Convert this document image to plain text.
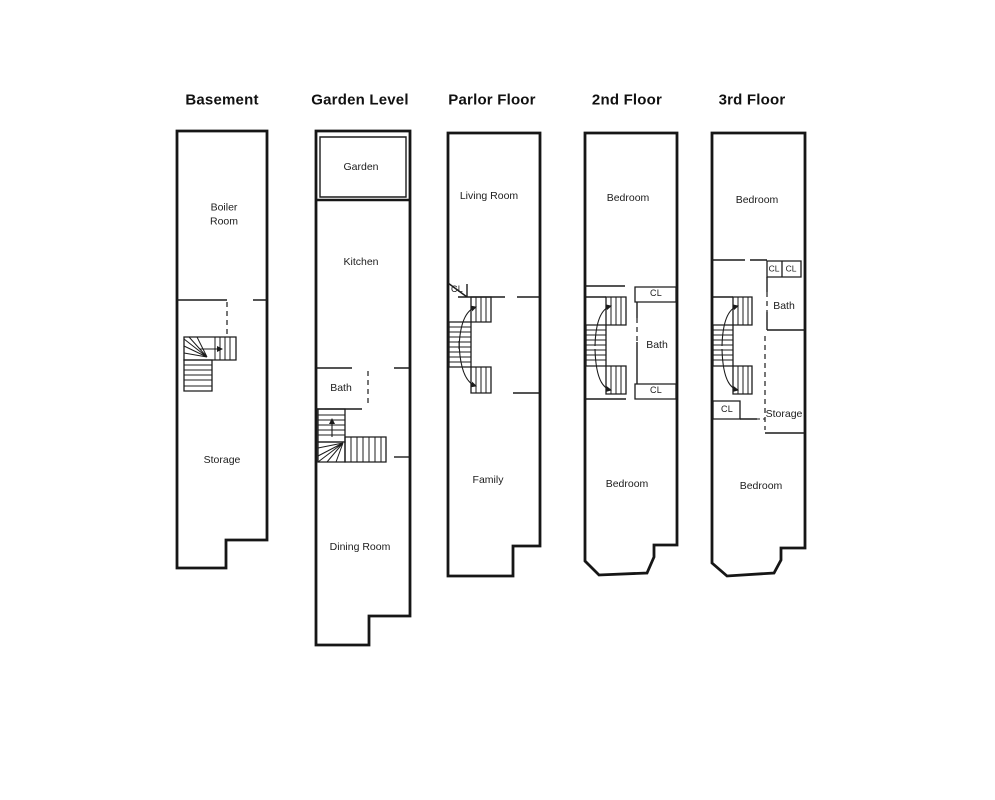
Basement	Garden Level	Parlor Floor	2nd Floor	3rd Floor
Boiler Room
Storage
Garden
Kitchen
Bath
Dining Room
Living Room
CL
Family
Bedroom
CL
Bath
CL
Bedroom
Bedroom
CL CL
Bath
Storage
CL
Bedroom
